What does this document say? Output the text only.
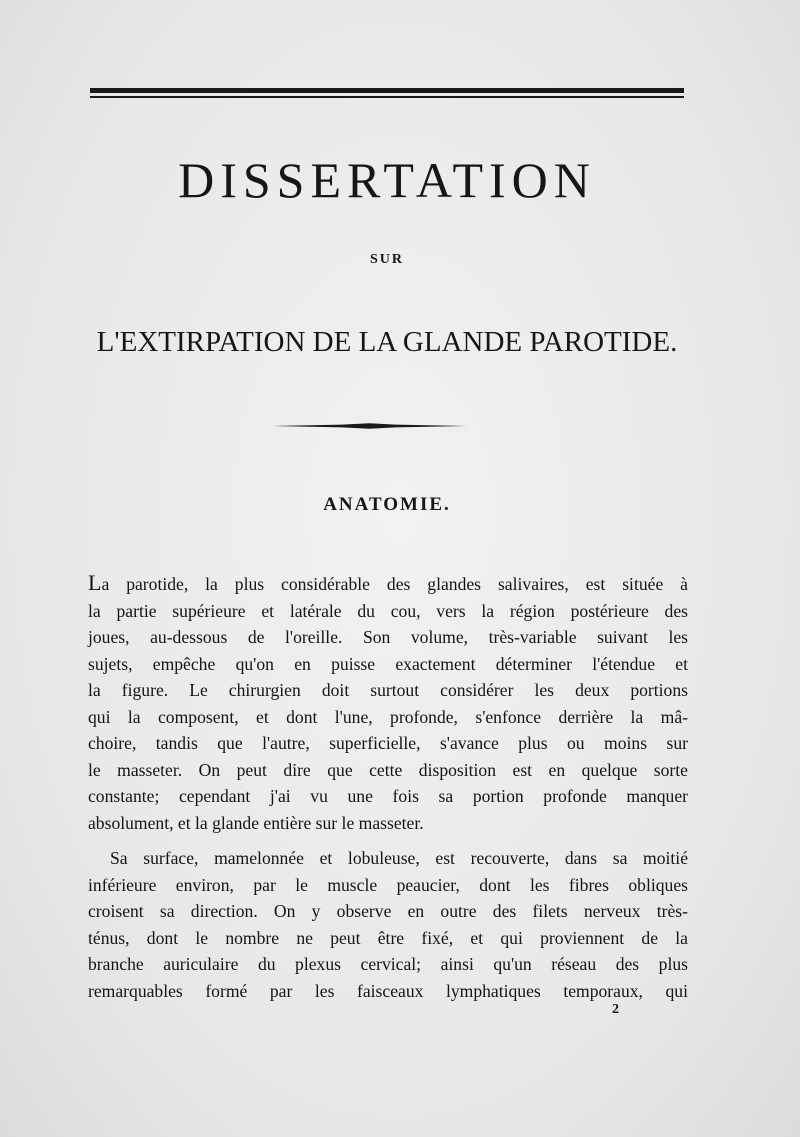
DISSERTATION
SUR
L'EXTIRPATION DE LA GLANDE PAROTIDE.
ANATOMIE.
La parotide, la plus considérable des glandes salivaires, est située à
la partie supérieure et latérale du cou, vers la région postérieure des
joues, au-dessous de l'oreille. Son volume, très-variable suivant les
sujets, empêche qu'on en puisse exactement déterminer l'étendue et
la figure. Le chirurgien doit surtout considérer les deux portions
qui la composent, et dont l'une, profonde, s'enfonce derrière la mâ-
choire, tandis que l'autre, superficielle, s'avance plus ou moins sur
le masseter. On peut dire que cette disposition est en quelque sorte
constante; cependant j'ai vu une fois sa portion profonde manquer
absolument, et la glande entière sur le masseter.
Sa surface, mamelonnée et lobuleuse, est recouverte, dans sa moitié
inférieure environ, par le muscle peaucier, dont les fibres obliques
croisent sa direction. On y observe en outre des filets nerveux très-
ténus, dont le nombre ne peut être fixé, et qui proviennent de la
branche auriculaire du plexus cervical; ainsi qu'un réseau des plus
remarquables formé par les faisceaux lymphatiques temporaux, qui
2
